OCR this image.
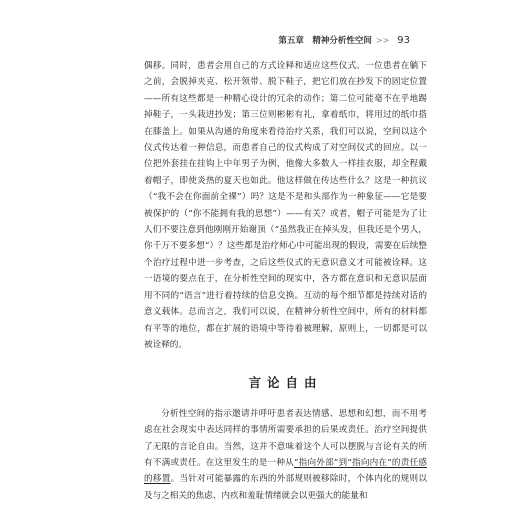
第五章　精神分析性空间 >> 93

偶移。同时，患者会用自己的方式诠释和适应这些仪式。一位患者在躺下之前，会脱掉夹克、松开领带、脱下鞋子，把它们放在抄发下的固定位置——所有这些都是一种精心设计的冗余的动作；第二位可能毫不在乎地踢掉鞋子，一头栽进抄发；第三位则彬彬有礼，拿着纸巾，将用过的纸巾搭在膝盖上。如果从沟通的角度来看待治疗关系，我们可以说，空间以这个仪式传达着一种信息，而患者自己的仪式构成了对空间仪式的回应。以一位把外套挂在挂钩上中年男子为例，他像大多数人一样挂衣服，却全程戴着帽子，即使炎热的夏天也如此。他这样做在传达些什么？这是一种抗议（“我不会在你面前全裸”）吗？这是不是和头部作为一种象征——它是要被保护的（“你不能拥有我的思想”）——有关？或者，帽子可能是为了让人们不要注意到他刚刚开始谢顶（“虽然我正在掉头发，但我还是个男人，你千万不要多想”）？这些都是治疗师心中可能出现的假设，需要在后续整个治疗过程中进一步考查，之后这些仪式的无意识意义才可能被诠释。这一语境的要点在于，在分析性空间的现实中，各方都在意识和无意识层面用不同的“语言”进行着持续的信息交换。互动的每个细节都是持续对话的意义载体。总而言之，我们可以说，在精神分析性空间中，所有的材料都有平等的地位，都在扩展的语境中等待着被理解，原则上，一切都是可以被诠释的。

言论自由

分析性空间的指示邀请并呼吁患者表达情感、思想和幻想，而不用考虑在社会现实中表达同样的事情所需要承担的后果或责任。治疗空间提供了无限的言论自由。当然，这并不意味着这个人可以摆脱与言论有关的所有不满或责任。在这里发生的是一种从“指向外部”到“指向内在”的责任感的移置。当针对可能暴露的东西的外部规则被移除时，个体内化的规则以及与之相关的焦虑、内疚和羞耻情绪就会以更强大的能量和
